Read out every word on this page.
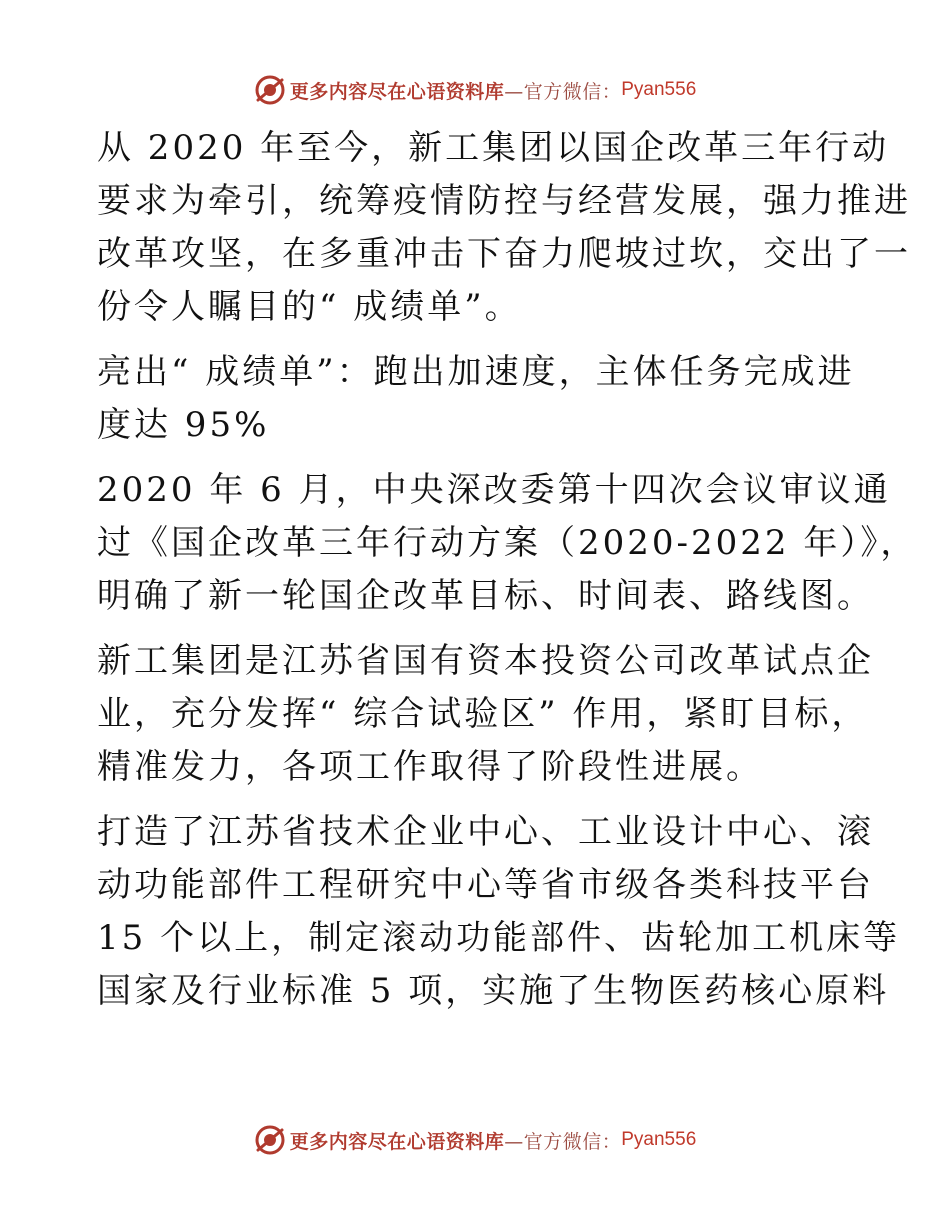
更多内容尽在心语资料库 —官方微信： Pyan556

从 2020 年至今，新工集团以国企改革三年行动
要求为牵引，统筹疫情防控与经营发展，强力推进
改革攻坚，在多重冲击下奋力爬坡过坎，交出了一
份令人瞩目的“ 成绩单”。

亮出“ 成绩单”：跑出加速度，主体任务完成进
度达 95%

2020 年 6 月，中央深改委第十四次会议审议通
过《国企改革三年行动方案（2020-2022 年）》，
明确了新一轮国企改革目标、时间表、路线图。

新工集团是江苏省国有资本投资公司改革试点企
业，充分发挥“ 综合试验区” 作用，紧盯目标，
精准发力，各项工作取得了阶段性进展。

打造了江苏省技术企业中心、工业设计中心、滚
动功能部件工程研究中心等省市级各类科技平台
15 个以上，制定滚动功能部件、齿轮加工机床等
国家及行业标准 5 项，实施了生物医药核心原料

更多内容尽在心语资料库 —官方微信： Pyan556
